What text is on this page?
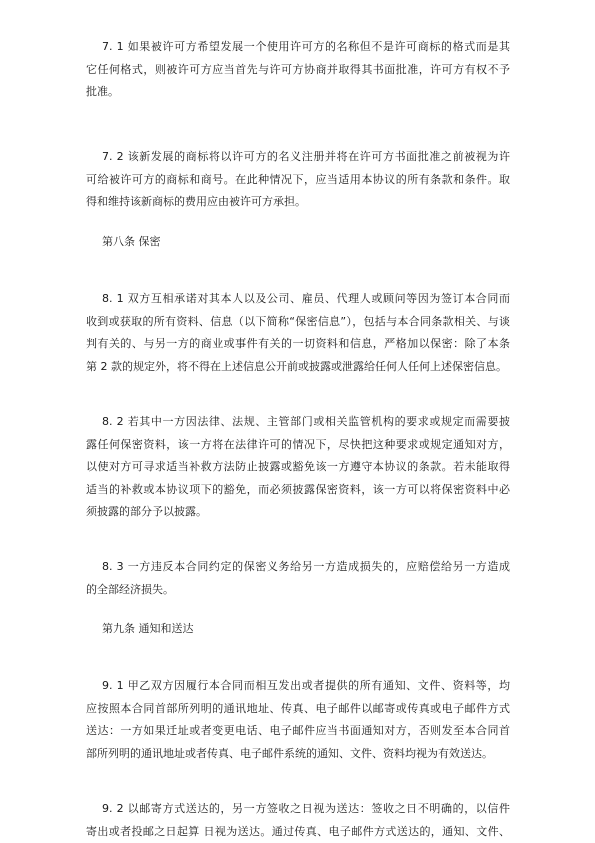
7. 1 如果被许可方希望发展一个使用许可方的名称但不是许可商标的格式而是其
它任何格式，则被许可方应当首先与许可方协商并取得其书面批准，许可方有权不予
批准。
7. 2 该新发展的商标将以许可方的名义注册并将在许可方书面批准之前被视为许
可给被许可方的商标和商号。在此种情况下，应当适用本协议的所有条款和条件。取
得和维持该新商标的费用应由被许可方承担。
第八条 保密
8. 1 双方互相承诺对其本人以及公司、雇员、代理人或顾问等因为签订本合同而
收到或获取的所有资料、信息（以下简称“保密信息”），包括与本合同条款相关、与谈
判有关的、与另一方的商业或事件有关的一切资料和信息，严格加以保密：除了本条
第 2 款的规定外，将不得在上述信息公开前或披露或泄露给任何人任何上述保密信息。
8. 2 若其中一方因法律、法规、主管部门或相关监管机构的要求或规定而需要披
露任何保密资料，该一方将在法律许可的情况下，尽快把这种要求或规定通知对方，
以使对方可寻求适当补救方法防止披露或豁免该一方遵守本协议的条款。若未能取得
适当的补救或本协议项下的豁免，而必须披露保密资料，该一方可以将保密资料中必
须披露的部分予以披露。
8. 3 一方违反本合同约定的保密义务给另一方造成损失的，应赔偿给另一方造成
的全部经济损失。
第九条 通知和送达
9. 1 甲乙双方因履行本合同而相互发出或者提供的所有通知、文件、资料等，均
应按照本合同首部所列明的通讯地址、传真、电子邮件以邮寄或传真或电子邮件方式
送达：一方如果迁址或者变更电话、电子邮件应当书面通知对方，否则发至本合同首
部所列明的通讯地址或者传真、电子邮件系统的通知、文件、资料均视为有效送达。
9. 2 以邮寄方式送达的，另一方签收之日视为送达：签收之日不明确的，以信件
寄出或者投邮之日起算 日视为送达。通过传真、电子邮件方式送达的，通知、文件、
